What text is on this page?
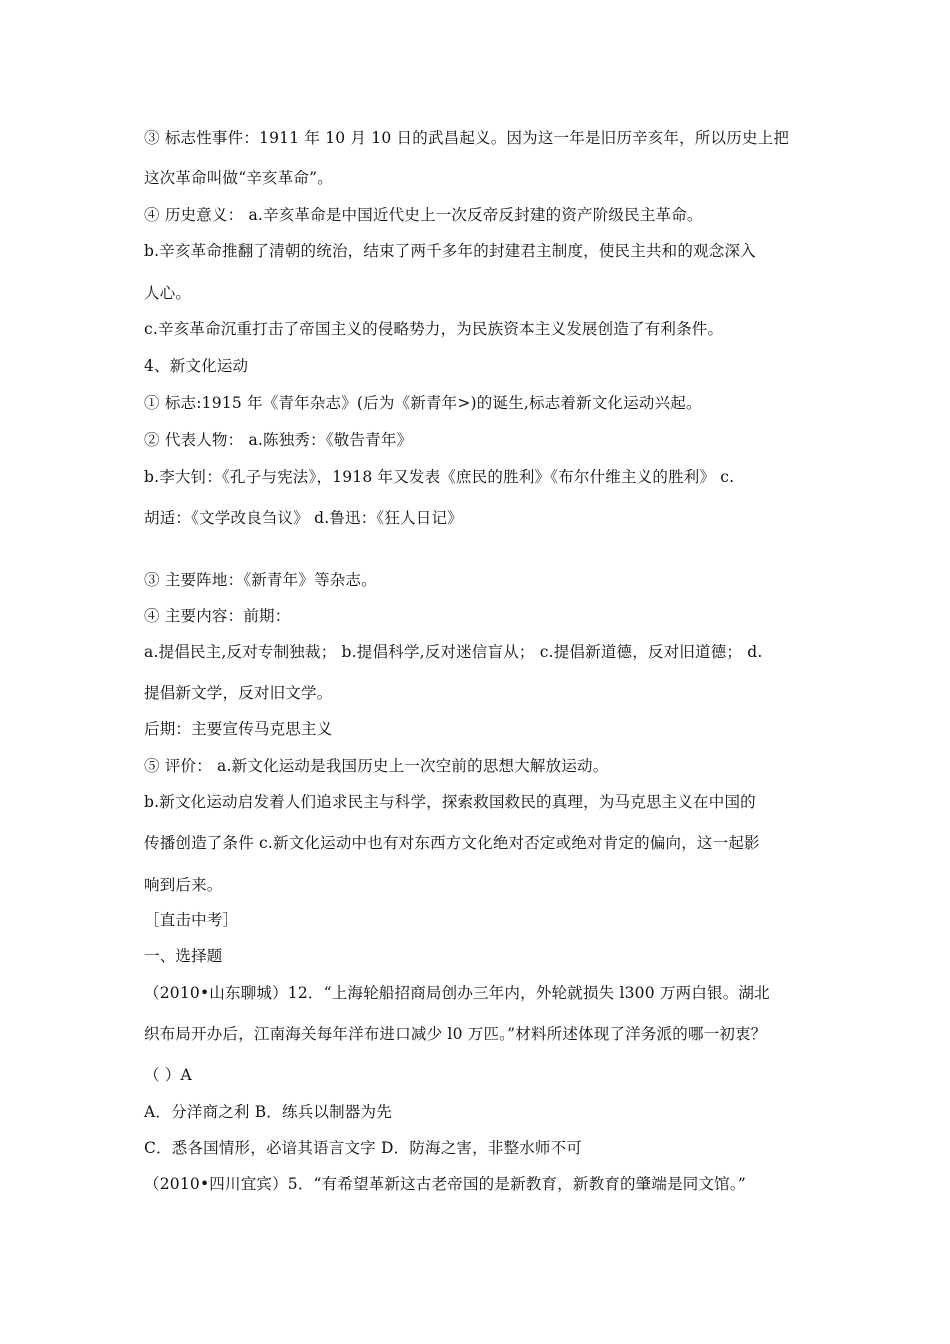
③ 标志性事件：1911 年 10 月 10 日的武昌起义。因为这一年是旧历辛亥年，所以历史上把
这次革命叫做“辛亥革命”。
④ 历史意义： a.辛亥革命是中国近代史上一次反帝反封建的资产阶级民主革命。
b.辛亥革命推翻了清朝的统治，结束了两千多年的封建君主制度，使民主共和的观念深入
人心。
c.辛亥革命沉重打击了帝国主义的侵略势力，为民族资本主义发展创造了有利条件。
4、新文化运动
① 标志:1915 年《青年杂志》(后为《新青年>)的诞生,标志着新文化运动兴起。
② 代表人物： a.陈独秀：《敬告青年》
b.李大钊：《孔子与宪法》，1918 年又发表《庶民的胜利》《布尔什维主义的胜利》 c.
胡适：《文学改良刍议》 d.鲁迅：《狂人日记》
③ 主要阵地：《新青年》等杂志。
④ 主要内容：前期：
a.提倡民主,反对专制独裁； b.提倡科学,反对迷信盲从； c.提倡新道德，反对旧道德； d.
提倡新文学，反对旧文学。
后期：主要宣传马克思主义
⑤ 评价： a.新文化运动是我国历史上一次空前的思想大解放运动。
b.新文化运动启发着人们追求民主与科学，探索救国救民的真理，为马克思主义在中国的
传播创造了条件 c.新文化运动中也有对东西方文化绝对否定或绝对肯定的偏向，这一起影
响到后来。
［直击中考］
一、选择题
（2010•山东聊城）12．“上海轮船招商局创办三年内，外轮就损失 l300 万两白银。湖北
织布局开办后，江南海关每年洋布进口减少 l0 万匹。”材料所述体现了洋务派的哪一初衷？
（ ）A
A．分洋商之利 B．练兵以制器为先
C．悉各国情形，必谙其语言文字 D．防海之害，非整水师不可
（2010•四川宜宾）5．“有希望革新这古老帝国的是新教育，新教育的肇端是同文馆。”
